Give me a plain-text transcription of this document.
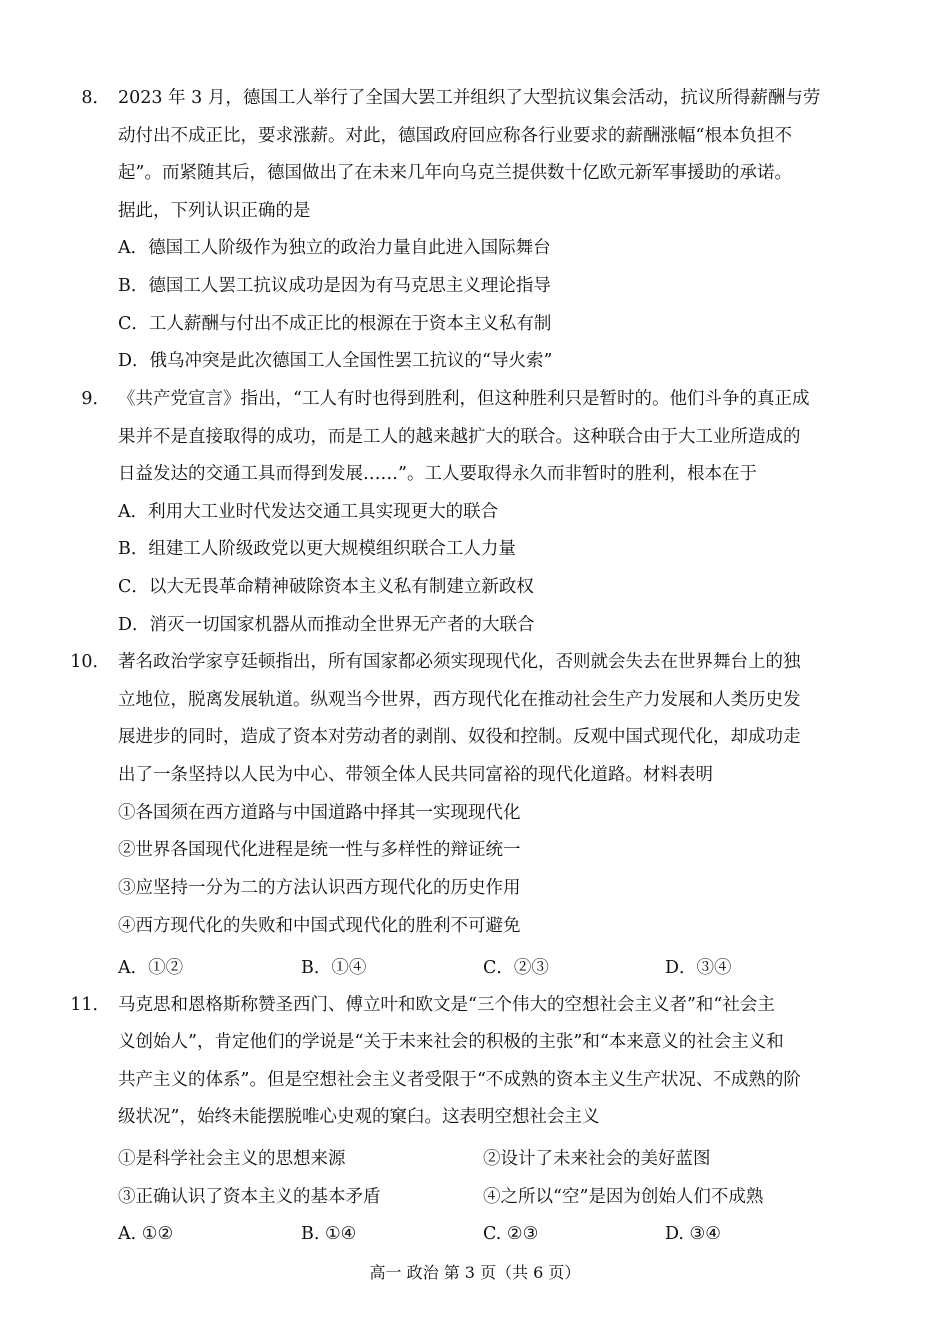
8． 2023 年 3 月，德国工人举行了全国大罢工并组织了大型抗议集会活动，抗议所得薪酬与劳
动付出不成正比，要求涨薪。对此，德国政府回应称各行业要求的薪酬涨幅“根本负担不
起”。而紧随其后，德国做出了在未来几年向乌克兰提供数十亿欧元新军事援助的承诺。
据此，下列认识正确的是
A．德国工人阶级作为独立的政治力量自此进入国际舞台
B．德国工人罢工抗议成功是因为有马克思主义理论指导
C．工人薪酬与付出不成正比的根源在于资本主义私有制
D．俄乌冲突是此次德国工人全国性罢工抗议的“导火索”
9． 《共产党宣言》指出，“工人有时也得到胜利，但这种胜利只是暂时的。他们斗争的真正成
果并不是直接取得的成功，而是工人的越来越扩大的联合。这种联合由于大工业所造成的
日益发达的交通工具而得到发展……”。工人要取得永久而非暂时的胜利，根本在于
A．利用大工业时代发达交通工具实现更大的联合
B．组建工人阶级政党以更大规模组织联合工人力量
C．以大无畏革命精神破除资本主义私有制建立新政权
D．消灭一切国家机器从而推动全世界无产者的大联合
10． 著名政治学家亨廷顿指出，所有国家都必须实现现代化，否则就会失去在世界舞台上的独
立地位，脱离发展轨道。纵观当今世界，西方现代化在推动社会生产力发展和人类历史发
展进步的同时，造成了资本对劳动者的剥削、奴役和控制。反观中国式现代化，却成功走
出了一条坚持以人民为中心、带领全体人民共同富裕的现代化道路。材料表明
①各国须在西方道路与中国道路中择其一实现现代化
②世界各国现代化进程是统一性与多样性的辩证统一
③应坚持一分为二的方法认识西方现代化的历史作用
④西方现代化的失败和中国式现代化的胜利不可避免
A．①②	B．①④	C．②③	D．③④
11． 马克思和恩格斯称赞圣西门、傅立叶和欧文是“三个伟大的空想社会主义者”和“社会主
义创始人”，肯定他们的学说是“关于未来社会的积极的主张”和“本来意义的社会主义和
共产主义的体系”。但是空想社会主义者受限于“不成熟的资本主义生产状况、不成熟的阶
级状况”，始终未能摆脱唯心史观的窠臼。这表明空想社会主义
①是科学社会主义的思想来源	②设计了未来社会的美好蓝图
③正确认识了资本主义的基本矛盾	④之所以“空”是因为创始人们不成熟
A. ①②	B. ①④	C. ②③	D. ③④
高一 政治 第 3 页（共 6 页）
